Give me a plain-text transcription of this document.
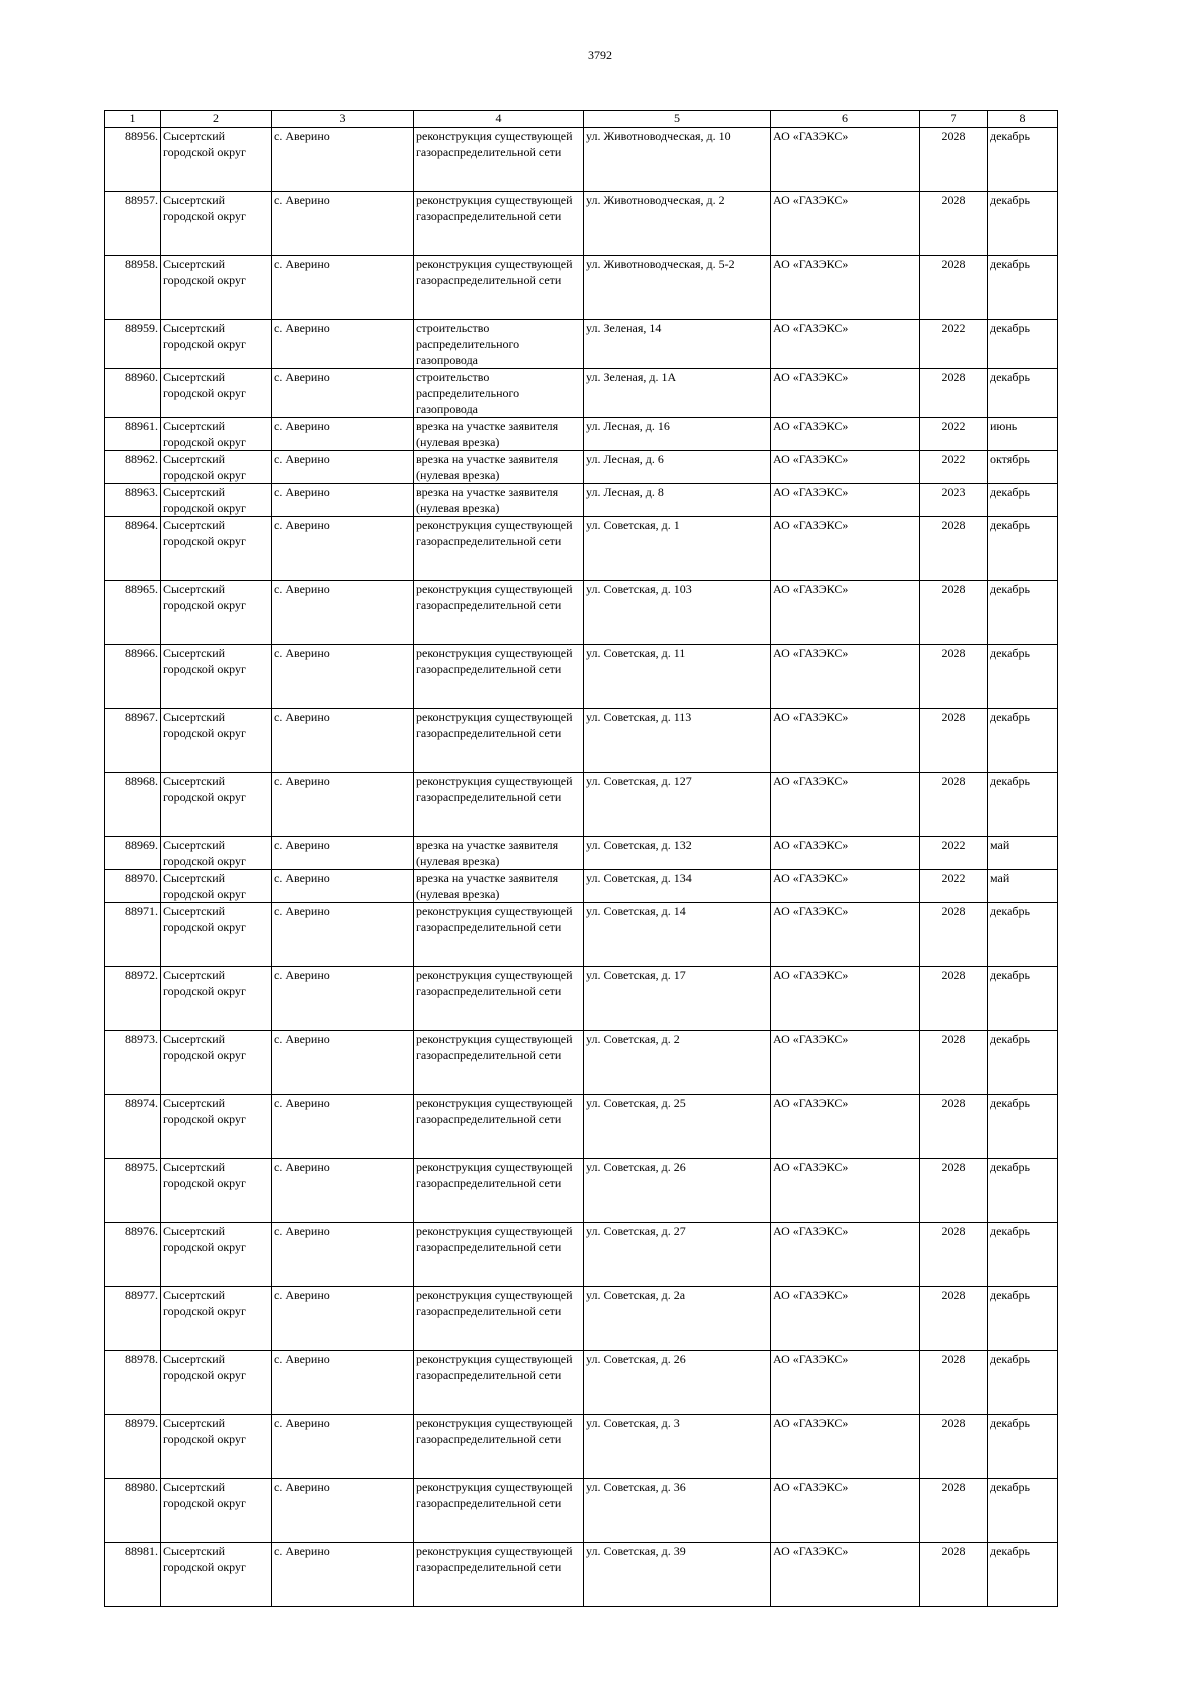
3792
1	2	3	4	5	6	7	8
88956.	Сысертский городской округ	с. Аверино	реконструкция существующей газораспределительной сети	ул. Животноводческая, д. 10	АО «ГАЗЭКС»	2028	декабрь
88957.	Сысертский городской округ	с. Аверино	реконструкция существующей газораспределительной сети	ул. Животноводческая, д. 2	АО «ГАЗЭКС»	2028	декабрь
88958.	Сысертский городской округ	с. Аверино	реконструкция существующей газораспределительной сети	ул. Животноводческая, д. 5-2	АО «ГАЗЭКС»	2028	декабрь
88959.	Сысертский городской округ	с. Аверино	строительство распределительного газопровода	ул. Зеленая, 14	АО «ГАЗЭКС»	2022	декабрь
88960.	Сысертский городской округ	с. Аверино	строительство распределительного газопровода	ул. Зеленая, д. 1А	АО «ГАЗЭКС»	2028	декабрь
88961.	Сысертский городской округ	с. Аверино	врезка на участке заявителя (нулевая врезка)	ул. Лесная, д. 16	АО «ГАЗЭКС»	2022	июнь
88962.	Сысертский городской округ	с. Аверино	врезка на участке заявителя (нулевая врезка)	ул. Лесная, д. 6	АО «ГАЗЭКС»	2022	октябрь
88963.	Сысертский городской округ	с. Аверино	врезка на участке заявителя (нулевая врезка)	ул. Лесная, д. 8	АО «ГАЗЭКС»	2023	декабрь
88964.	Сысертский городской округ	с. Аверино	реконструкция существующей газораспределительной сети	ул. Советская, д. 1	АО «ГАЗЭКС»	2028	декабрь
88965.	Сысертский городской округ	с. Аверино	реконструкция существующей газораспределительной сети	ул. Советская, д. 103	АО «ГАЗЭКС»	2028	декабрь
88966.	Сысертский городской округ	с. Аверино	реконструкция существующей газораспределительной сети	ул. Советская, д. 11	АО «ГАЗЭКС»	2028	декабрь
88967.	Сысертский городской округ	с. Аверино	реконструкция существующей газораспределительной сети	ул. Советская, д. 113	АО «ГАЗЭКС»	2028	декабрь
88968.	Сысертский городской округ	с. Аверино	реконструкция существующей газораспределительной сети	ул. Советская, д. 127	АО «ГАЗЭКС»	2028	декабрь
88969.	Сысертский городской округ	с. Аверино	врезка на участке заявителя (нулевая врезка)	ул. Советская, д. 132	АО «ГАЗЭКС»	2022	май
88970.	Сысертский городской округ	с. Аверино	врезка на участке заявителя (нулевая врезка)	ул. Советская, д. 134	АО «ГАЗЭКС»	2022	май
88971.	Сысертский городской округ	с. Аверино	реконструкция существующей газораспределительной сети	ул. Советская, д. 14	АО «ГАЗЭКС»	2028	декабрь
88972.	Сысертский городской округ	с. Аверино	реконструкция существующей газораспределительной сети	ул. Советская, д. 17	АО «ГАЗЭКС»	2028	декабрь
88973.	Сысертский городской округ	с. Аверино	реконструкция существующей газораспределительной сети	ул. Советская, д. 2	АО «ГАЗЭКС»	2028	декабрь
88974.	Сысертский городской округ	с. Аверино	реконструкция существующей газораспределительной сети	ул. Советская, д. 25	АО «ГАЗЭКС»	2028	декабрь
88975.	Сысертский городской округ	с. Аверино	реконструкция существующей газораспределительной сети	ул. Советская, д. 26	АО «ГАЗЭКС»	2028	декабрь
88976.	Сысертский городской округ	с. Аверино	реконструкция существующей газораспределительной сети	ул. Советская, д. 27	АО «ГАЗЭКС»	2028	декабрь
88977.	Сысертский городской округ	с. Аверино	реконструкция существующей газораспределительной сети	ул. Советская, д. 2а	АО «ГАЗЭКС»	2028	декабрь
88978.	Сысертский городской округ	с. Аверино	реконструкция существующей газораспределительной сети	ул. Советская, д. 26	АО «ГАЗЭКС»	2028	декабрь
88979.	Сысертский городской округ	с. Аверино	реконструкция существующей газораспределительной сети	ул. Советская, д. 3	АО «ГАЗЭКС»	2028	декабрь
88980.	Сысертский городской округ	с. Аверино	реконструкция существующей газораспределительной сети	ул. Советская, д. 36	АО «ГАЗЭКС»	2028	декабрь
88981.	Сысертский городской округ	с. Аверино	реконструкция существующей газораспределительной сети	ул. Советская, д. 39	АО «ГАЗЭКС»	2028	декабрь
